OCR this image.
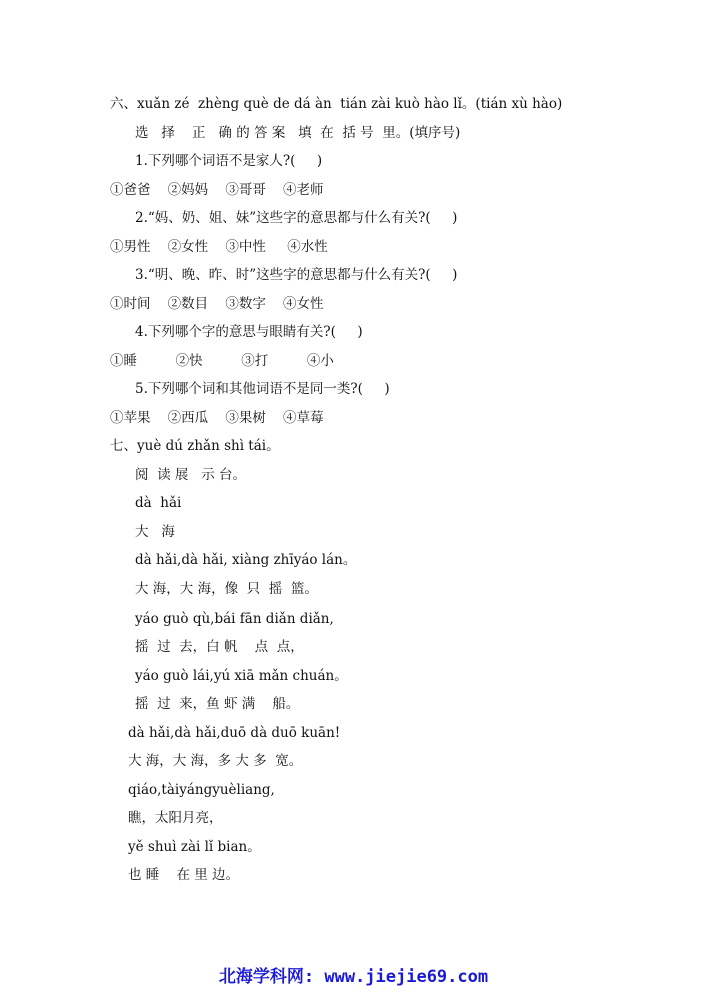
六、xuǎn zé  zhèng què de dá àn  tián zài kuò hào lǐ。(tián xù hào)

选   择    正   确 的 答 案   填  在  括 号  里。(填序号)

1.下列哪个词语不是家人?(     )

①爸爸    ②妈妈    ③哥哥    ④老师

2.“妈、奶、姐、妹”这些字的意思都与什么有关?(     )

①男性    ②女性    ③中性     ④水性

3.“明、晚、昨、时”这些字的意思都与什么有关?(     )

①时间    ②数目    ③数字    ④女性

4.下列哪个字的意思与眼睛有关?(     )

①睡         ②快         ③打         ④小

5.下列哪个词和其他词语不是同一类?(     )

①苹果    ②西瓜    ③果树    ④草莓

七、yuè dú zhǎn shì tái。

阅  读 展   示 台。

dà  hǎi

大   海

dà hǎi,dà hǎi, xiàng zhīyáo lán。

大 海，大 海，像  只  摇  篮。

yáo guò qù,bái fān diǎn diǎn,

摇  过  去，白 帆    点  点，

yáo guò lái,yú xiā mǎn chuán。

摇  过  来，鱼 虾 满    船。

dà hǎi,dà hǎi,duō dà duō kuān!

大 海，大 海，多 大 多  宽。

qiáo,tàiyángyuèliang,

瞧，太阳月亮，

yě shuì zài lǐ bian。

也 睡    在 里 边。

北海学科网: www.jiejie69.com
